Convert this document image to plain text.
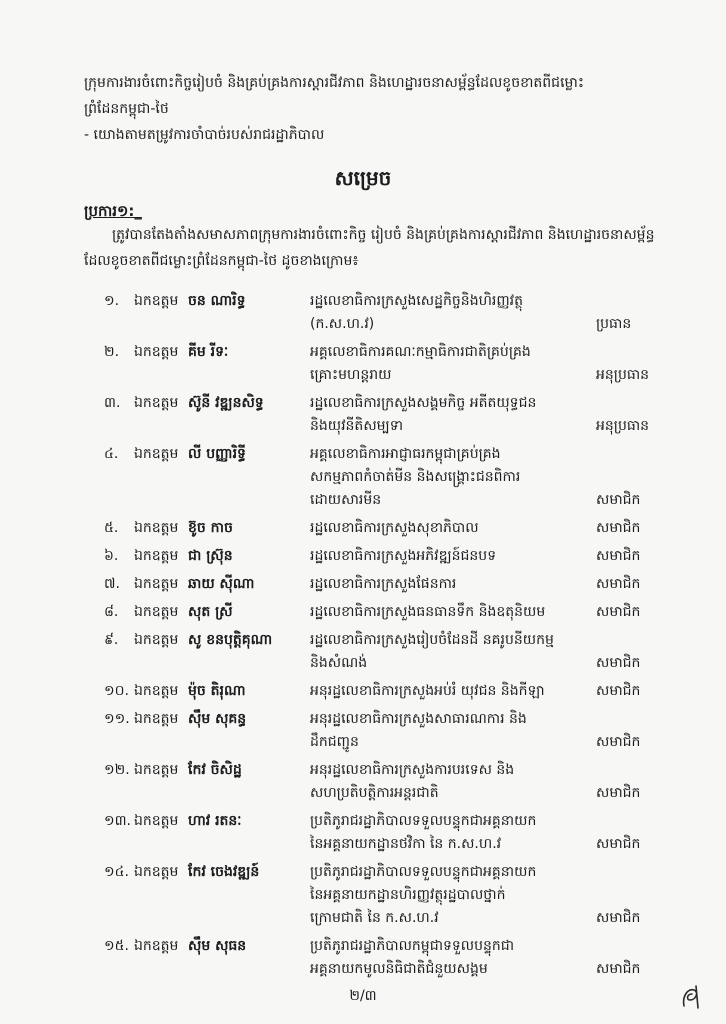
ក្រុមការងារចំពោះកិច្ចរៀបចំ និងគ្រប់គ្រងការស្តារជីវភាព និងហេដ្ឋារចនាសម្ព័ន្ធដែលខូចខាតពីជម្លោះ

ព្រំដែនកម្ពុជា-ថៃ

- យោងតាមតម្រូវការចាំបាច់របស់រាជរដ្ឋាភិបាល

សម្រេច
ប្រការ១:_
ត្រូវបានតែងតាំងសមាសភាពក្រុមការងារចំពោះកិច្ច រៀបចំ និងគ្រប់គ្រងការស្តារជីវភាព និងហេដ្ឋារចនាសម្ព័ន្ធ ដែលខូចខាតពីជម្លោះព្រំដែនកម្ពុជា-ថៃ ដូចខាងក្រោម៖
១.	ឯកឧត្តម ចន ណារិទ្ធ	រដ្ឋលេខាធិការក្រសួងសេដ្ឋកិច្ចនិងហិរញ្ញវត្ថុ
(ក.ស.ហ.វ)	ប្រធាន
២.	ឯកឧត្តម គីម រីទៈ	អគ្គលេខាធិការគណៈកម្មាធិការជាតិគ្រប់គ្រង
គ្រោះមហន្តរាយ	អនុប្រធាន
៣. ឯកឧត្តម ស៊ូនី វឌ្ឍនសិទ្ធ	រដ្ឋលេខាធិការក្រសួងសង្គមកិច្ច អតីតយុទ្ធជន
និងយុវនីតិសម្បទា	អនុប្រធាន
៤.	ឯកឧត្តម លី បញ្ញារិទ្ធី	អគ្គលេខាធិការអាជ្ញាធរកម្ពុជាគ្រប់គ្រង
សកម្មភាពកំចាត់មីន និងសង្គ្រោះជនពិការ
ដោយសារមីន	សមាជិក
៥.	ឯកឧត្តម ខ៊ូច កាច	រដ្ឋលេខាធិការក្រសួងសុខាភិបាល	សមាជិក
៦.	ឯកឧត្តម ជា ស្រ៊ុន	រដ្ឋលេខាធិការក្រសួងអភិវឌ្ឍន៍ជនបទ	សមាជិក
៧.	ឯកឧត្តម ឆាយ ស៊ីណា	រដ្ឋលេខាធិការក្រសួងផែនការ	សមាជិក
៨.	ឯកឧត្តម សុត ស្រី	រដ្ឋលេខាធិការក្រសួងធនធានទឹក និងឧតុនិយម	សមាជិក
៩.	ឯកឧត្តម សូ ខនបុត្តិគុណា	រដ្ឋលេខាធិការក្រសួងរៀបចំដែនដី នគរូបនីយកម្ម
និងសំណង់	សមាជិក
១០. ឯកឧត្តម ម៉ុច តិរុណា	អនុរដ្ឋលេខាធិការក្រសួងអប់រំ យុវជន និងកីឡា	សមាជិក
១១. ឯកឧត្តម ស៊ឹម សុគន្ធ	អនុរដ្ឋលេខាធិការក្រសួងសាធារណការ និង
ដឹកជញ្ជូន	សមាជិក
១២. ឯកឧត្តម កែវ ចិសិដ្ឋ	អនុរដ្ឋលេខាធិការក្រសួងការបរទេស និង
សហប្រតិបត្តិការអន្តរជាតិ	សមាជិក
១៣. ឯកឧត្តម ហាវ រតនៈ	ប្រតិភូរាជរដ្ឋាភិបាលទទួលបន្ទុកជាអគ្គនាយក
នៃអគ្គនាយកដ្ឋានថវិកា នៃ ក.ស.ហ.វ	សមាជិក
១៤. ឯកឧត្តម កែវ ចេងវឌ្ឍន៍	ប្រតិភូរាជរដ្ឋាភិបាលទទួលបន្ទុកជាអគ្គនាយក
នៃអគ្គនាយកដ្ឋានហិរញ្ញវត្ថុរដ្ឋបាលថ្នាក់
ក្រោមជាតិ នៃ ក.ស.ហ.វ	សមាជិក
១៥. ឯកឧត្តម ស៊ឹម សុធន	ប្រតិភូរាជរដ្ឋាភិបាលកម្ពុជាទទួលបន្ទុកជា
អគ្គនាយកមូលនិធិជាតិជំនួយសង្គម	សមាជិក
២/៣
